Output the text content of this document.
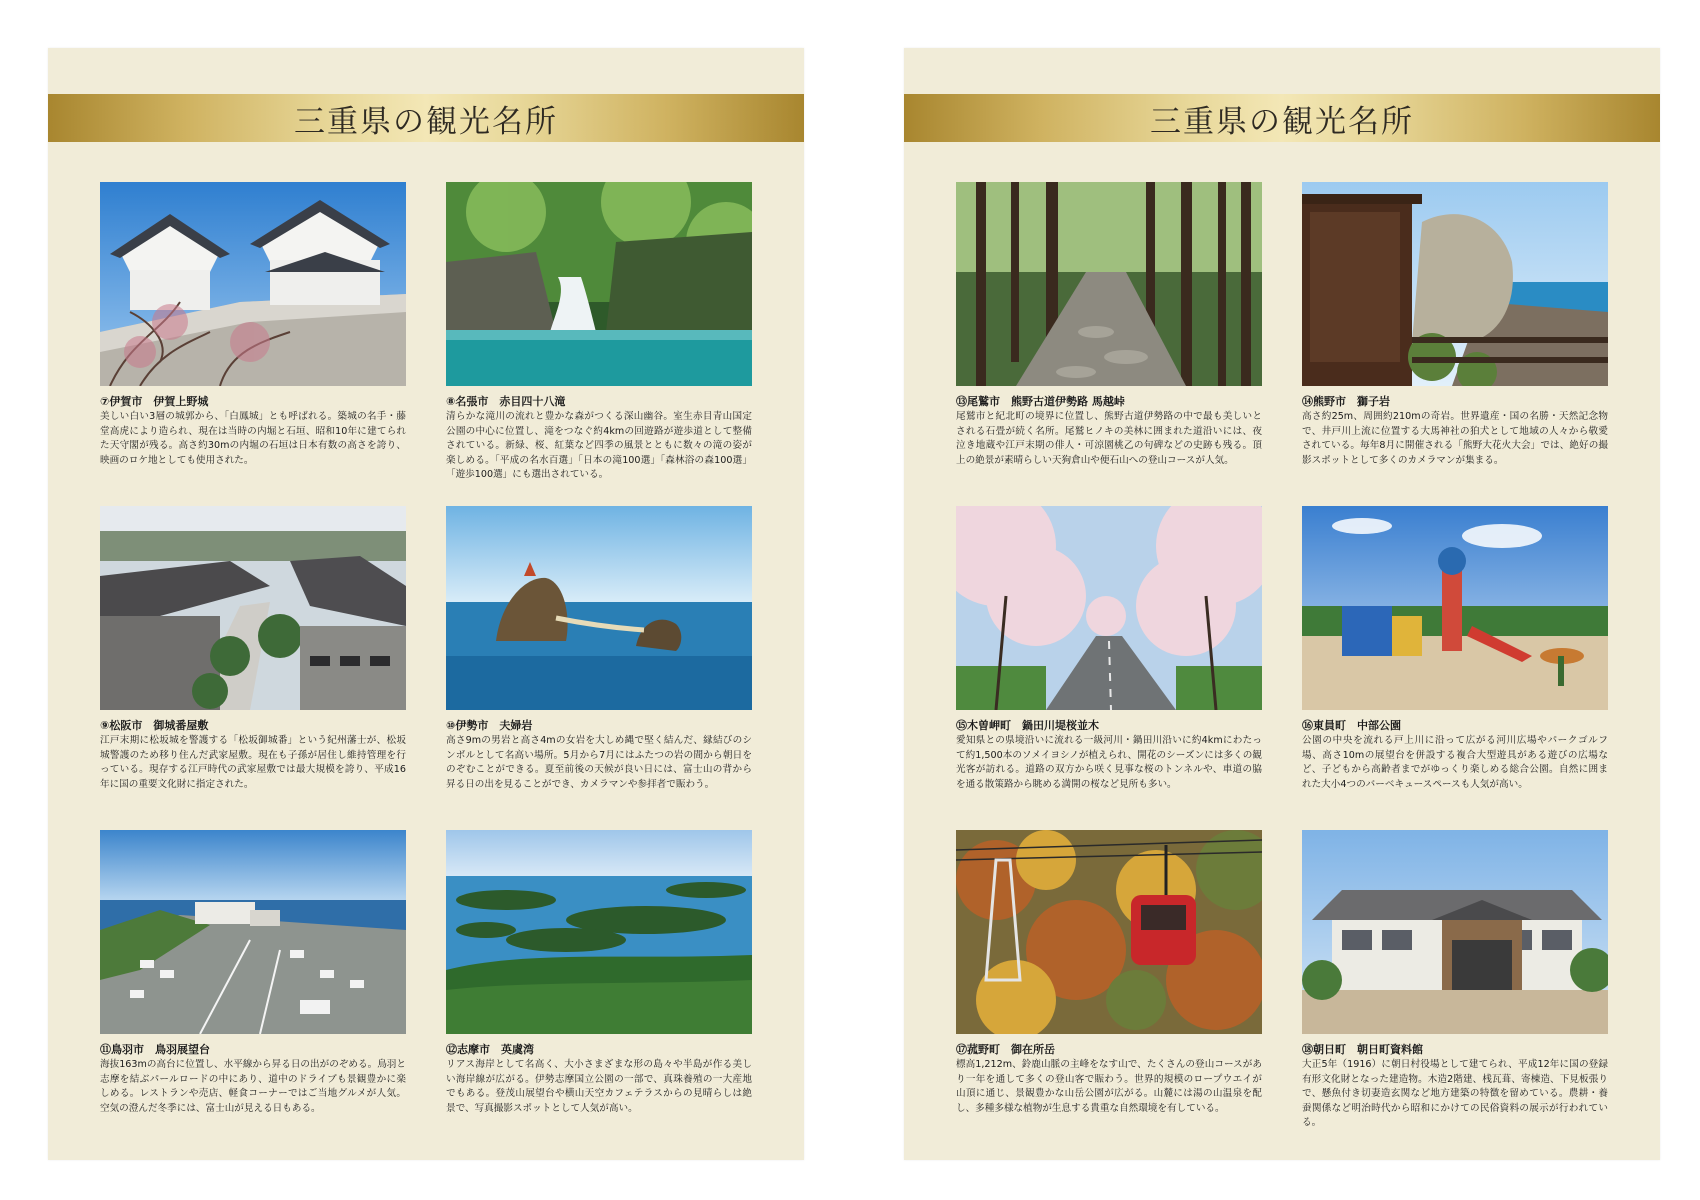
三重県の観光名所
⑦伊賀市　伊賀上野城
美しい白い3層の城郭から、「白鳳城」とも呼ばれる。築城の名手・藤堂高虎により造られ、現在は当時の内堀と石垣、昭和10年に建てられた天守閣が残る。高さ約30mの内堀の石垣は日本有数の高さを誇り、映画のロケ地としても使用された。
⑧名張市　赤目四十八滝
清らかな滝川の流れと豊かな森がつくる深山幽谷。室生赤目青山国定公園の中心に位置し、滝をつなぐ約4kmの回遊路が遊歩道として整備されている。新緑、桜、紅葉など四季の風景とともに数々の滝の姿が楽しめる。「平成の名水百選」「日本の滝100選」「森林浴の森100選」「遊歩100選」にも選出されている。
⑨松阪市　御城番屋敷
江戸末期に松坂城を警護する「松坂御城番」という紀州藩士が、松坂城警護のため移り住んだ武家屋敷。現在も子孫が居住し維持管理を行っている。現存する江戸時代の武家屋敷では最大規模を誇り、平成16年に国の重要文化財に指定された。
⑩伊勢市　夫婦岩
高さ9mの男岩と高さ4mの女岩を大しめ縄で堅く結んだ、縁結びのシンボルとして名高い場所。5月から7月にはふたつの岩の間から朝日をのぞむことができる。夏至前後の天候が良い日には、富士山の背から昇る日の出を見ることができ、カメラマンや参拝者で賑わう。
⑪鳥羽市　鳥羽展望台
海抜163mの高台に位置し、水平線から昇る日の出がのぞめる。鳥羽と志摩を結ぶパールロードの中にあり、道中のドライブも景観豊かに楽しめる。レストランや売店、軽食コーナーではご当地グルメが人気。空気の澄んだ冬季には、富士山が見える日もある。
⑫志摩市　英虞湾
リアス海岸として名高く、大小さまざまな形の島々や半島が作る美しい海岸線が広がる。伊勢志摩国立公園の一部で、真珠養殖の一大産地でもある。登茂山展望台や横山天空カフェテラスからの見晴らしは絶景で、写真撮影スポットとして人気が高い。
三重県の観光名所
⑬尾鷲市　熊野古道伊勢路 馬越峠
尾鷲市と紀北町の境界に位置し、熊野古道伊勢路の中で最も美しいとされる石畳が続く名所。尾鷲ヒノキの美林に囲まれた道沿いには、夜泣き地蔵や江戸末期の俳人・可涼園桃乙の句碑などの史跡も残る。頂上の絶景が素晴らしい天狗倉山や便石山への登山コースが人気。
⑭熊野市　獅子岩
高さ約25m、周囲約210mの奇岩。世界遺産・国の名勝・天然記念物で、井戸川上流に位置する大馬神社の狛犬として地域の人々から敬愛されている。毎年8月に開催される「熊野大花火大会」では、絶好の撮影スポットとして多くのカメラマンが集まる。
⑮木曽岬町　鍋田川堤桜並木
愛知県との県境沿いに流れる一級河川・鍋田川沿いに約4kmにわたって約1,500本のソメイヨシノが植えられ、開花のシーズンには多くの観光客が訪れる。道路の双方から咲く見事な桜のトンネルや、車道の脇を通る散策路から眺める満開の桜など見所も多い。
⑯東員町　中部公園
公園の中央を流れる戸上川に沿って広がる河川広場やパークゴルフ場、高さ10mの展望台を併設する複合大型遊具がある遊びの広場など、子どもから高齢者までがゆっくり楽しめる総合公園。自然に囲まれた大小4つのバーベキュースペースも人気が高い。
⑰菰野町　御在所岳
標高1,212m、鈴鹿山脈の主峰をなす山で、たくさんの登山コースがあり一年を通して多くの登山客で賑わう。世界的規模のロープウエイが山頂に通じ、景観豊かな山岳公園が広がる。山麓には湯の山温泉を配し、多種多様な植物が生息する貴重な自然環境を有している。
⑱朝日町　朝日町資料館
大正5年（1916）に朝日村役場として建てられ、平成12年に国の登録有形文化財となった建造物。木造2階建、桟瓦葺、寄棟造、下見板張りで、懸魚付き切妻造玄関など地方建築の特徴を留めている。農耕・養蚕関係など明治時代から昭和にかけての民俗資料の展示が行われている。
